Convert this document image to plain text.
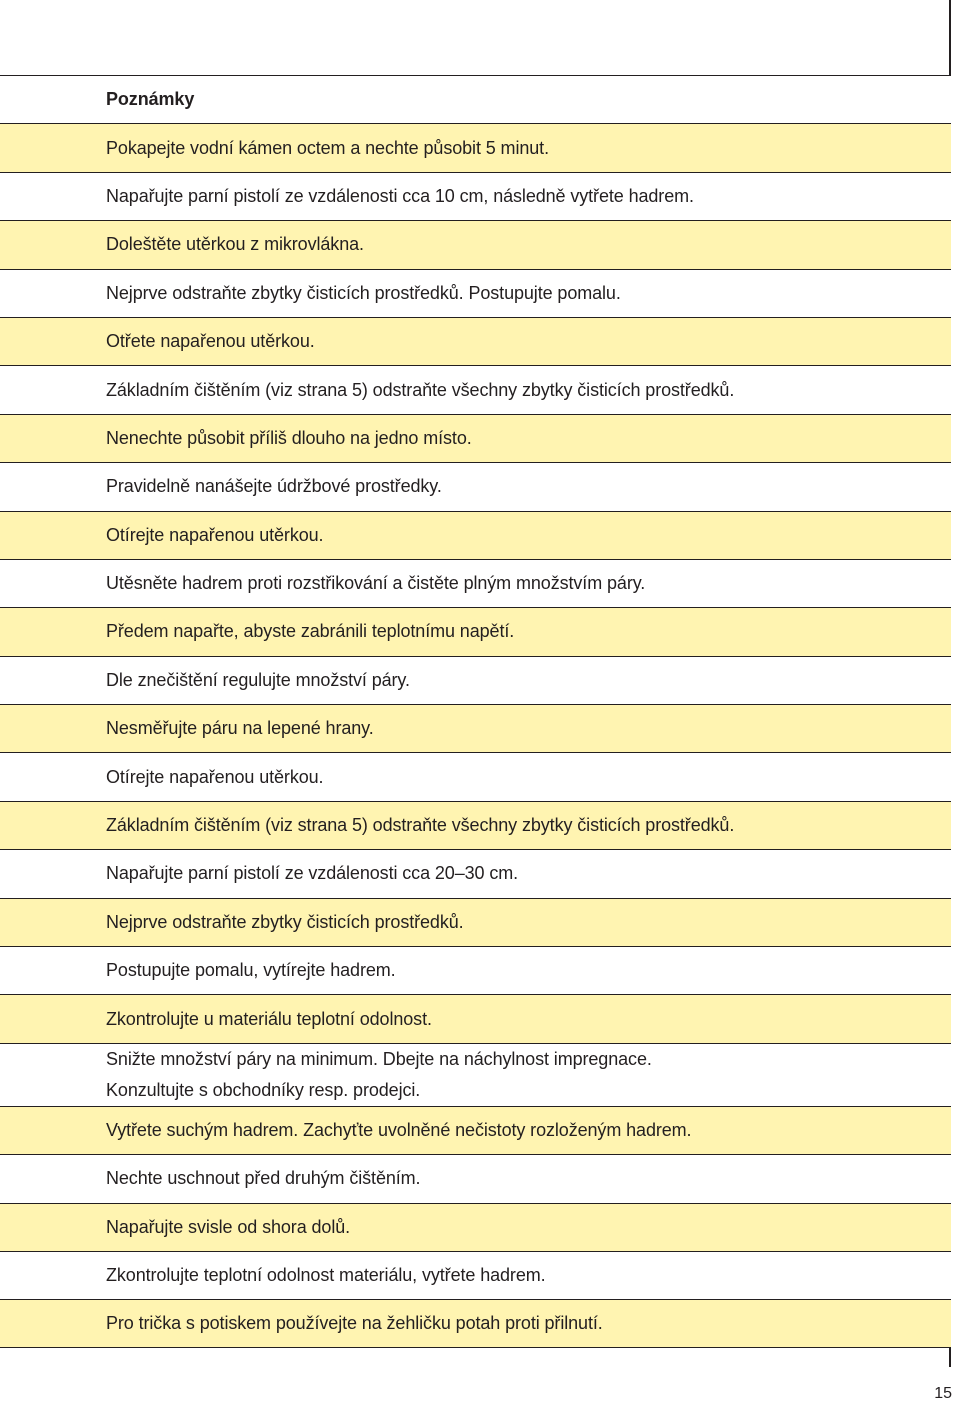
Poznámky
Pokapejte vodní kámen octem a nechte působit 5 minut.
Napařujte parní pistolí ze vzdálenosti cca 10 cm, následně vytřete hadrem.
Doleštěte utěrkou z mikrovlákna.
Nejprve odstraňte zbytky čisticích prostředků. Postupujte pomalu.
Otřete napařenou utěrkou.
Základním čištěním (viz strana 5) odstraňte všechny zbytky čisticích prostředků.
Nenechte působit příliš dlouho na jedno místo.
Pravidelně nanášejte údržbové prostředky.
Otírejte napařenou utěrkou.
Utěsněte hadrem proti rozstřikování a čistěte plným množstvím páry.
Předem napařte, abyste zabránili teplotnímu napětí.
Dle znečištění regulujte množství páry.
Nesměřujte páru na lepené hrany.
Otírejte napařenou utěrkou.
Základním čištěním (viz strana 5) odstraňte všechny zbytky čisticích prostředků.
Napařujte parní pistolí ze vzdálenosti cca 20–30 cm.
Nejprve odstraňte zbytky čisticích prostředků.
Postupujte pomalu, vytírejte hadrem.
Zkontrolujte u materiálu teplotní odolnost.
Snižte množství páry na minimum. Dbejte na náchylnost impregnace.
Konzultujte s obchodníky resp. prodejci.
Vytřete suchým hadrem. Zachyťte uvolněné nečistoty rozloženým hadrem.
Nechte uschnout před druhým čištěním.
Napařujte svisle od shora dolů.
Zkontrolujte teplotní odolnost materiálu, vytřete hadrem.
Pro trička s potiskem používejte na žehličku potah proti přilnutí.
15
